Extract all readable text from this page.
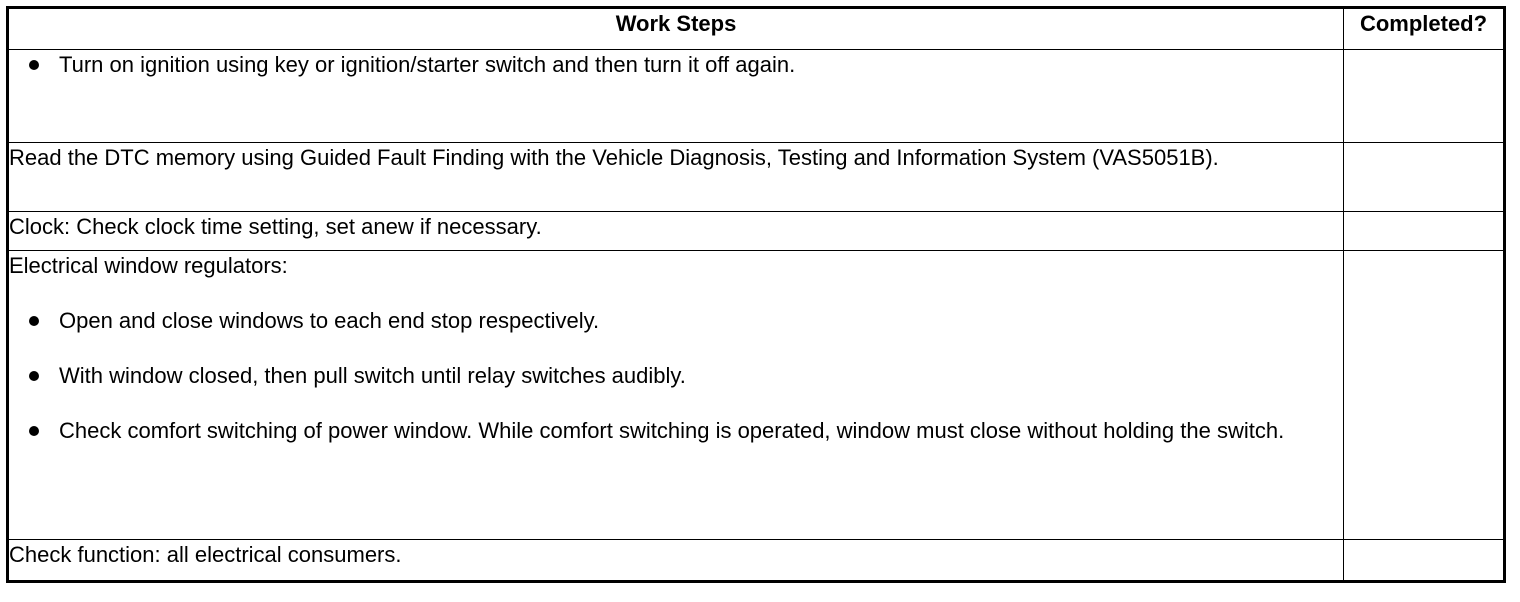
Work Steps	Completed?

Turn on ignition using key or ignition/starter switch and then turn it off again.	

Read the DTC memory using Guided Fault Finding with the Vehicle Diagnosis, Testing and Information System (VAS5051B).	
Clock: Check clock time setting, set anew if necessary.	

Electrical window regulators:
Open and close windows to each end stop respectively.
With window closed, then pull switch until relay switches audibly.
Check comfort switching of power window. While comfort switching is operated, window must close without holding the switch.	

Check function: all electrical consumers.	
